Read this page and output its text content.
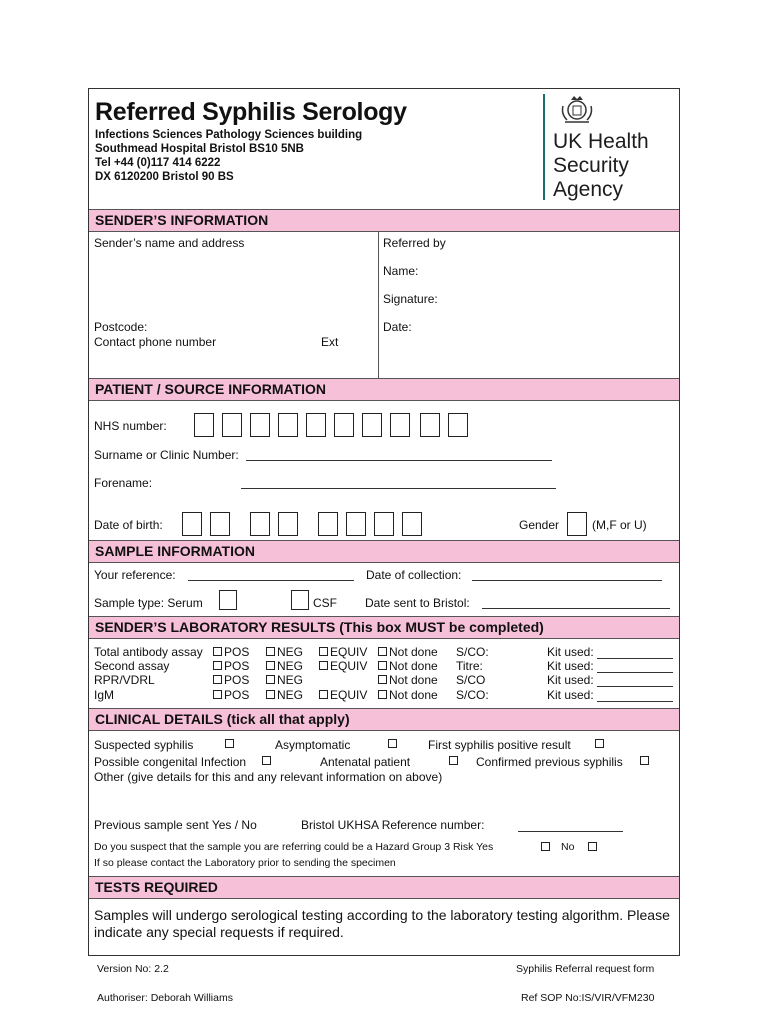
Referred Syphilis Serology
Infections Sciences Pathology Sciences building
Southmead Hospital Bristol BS10 5NB
Tel +44 (0)117 414 6222
DX 6120200 Bristol 90 BS
UK Health
Security
Agency
SENDER’S INFORMATION
Sender’s name and address
Postcode:
Contact phone number	Ext
Referred by
Name:
Signature:
Date:
PATIENT / SOURCE INFORMATION
NHS number:
Surname or Clinic Number:
Forename:
Date of birth:	Gender	(M,F or U)
SAMPLE INFORMATION
Your reference:	Date of collection:
Sample type: Serum	CSF Date sent to Bristol:
SENDER’S LABORATORY RESULTS (This box MUST be completed)
Total antibody assay POS NEG EQUIV Not done S/CO:	Kit used:
Second assay	POS NEG EQUIV Not done Titre:	Kit used:
RPR/VDRL	POS NEG	Not done S/CO	Kit used:
IgM	POS NEG EQUIV Not done S/CO:	Kit used:
CLINICAL DETAILS (tick all that apply)
Suspected syphilis	Asymptomatic	First syphilis positive result
Possible congenital Infection	Antenatal patient	Confirmed previous syphilis
Other (give details for this and any relevant information on above)
Previous sample sent Yes / No	Bristol UKHSA Reference number:
Do you suspect that the sample you are referring could be a Hazard Group 3 Risk Yes	No
If so please contact the Laboratory prior to sending the specimen
TESTS REQUIRED
Samples will undergo serological testing according to the laboratory testing algorithm. Please indicate any special requests if required.
Version No: 2.2	Syphilis Referral request form
Authoriser: Deborah Williams	Ref SOP No:IS/VIR/VFM230
